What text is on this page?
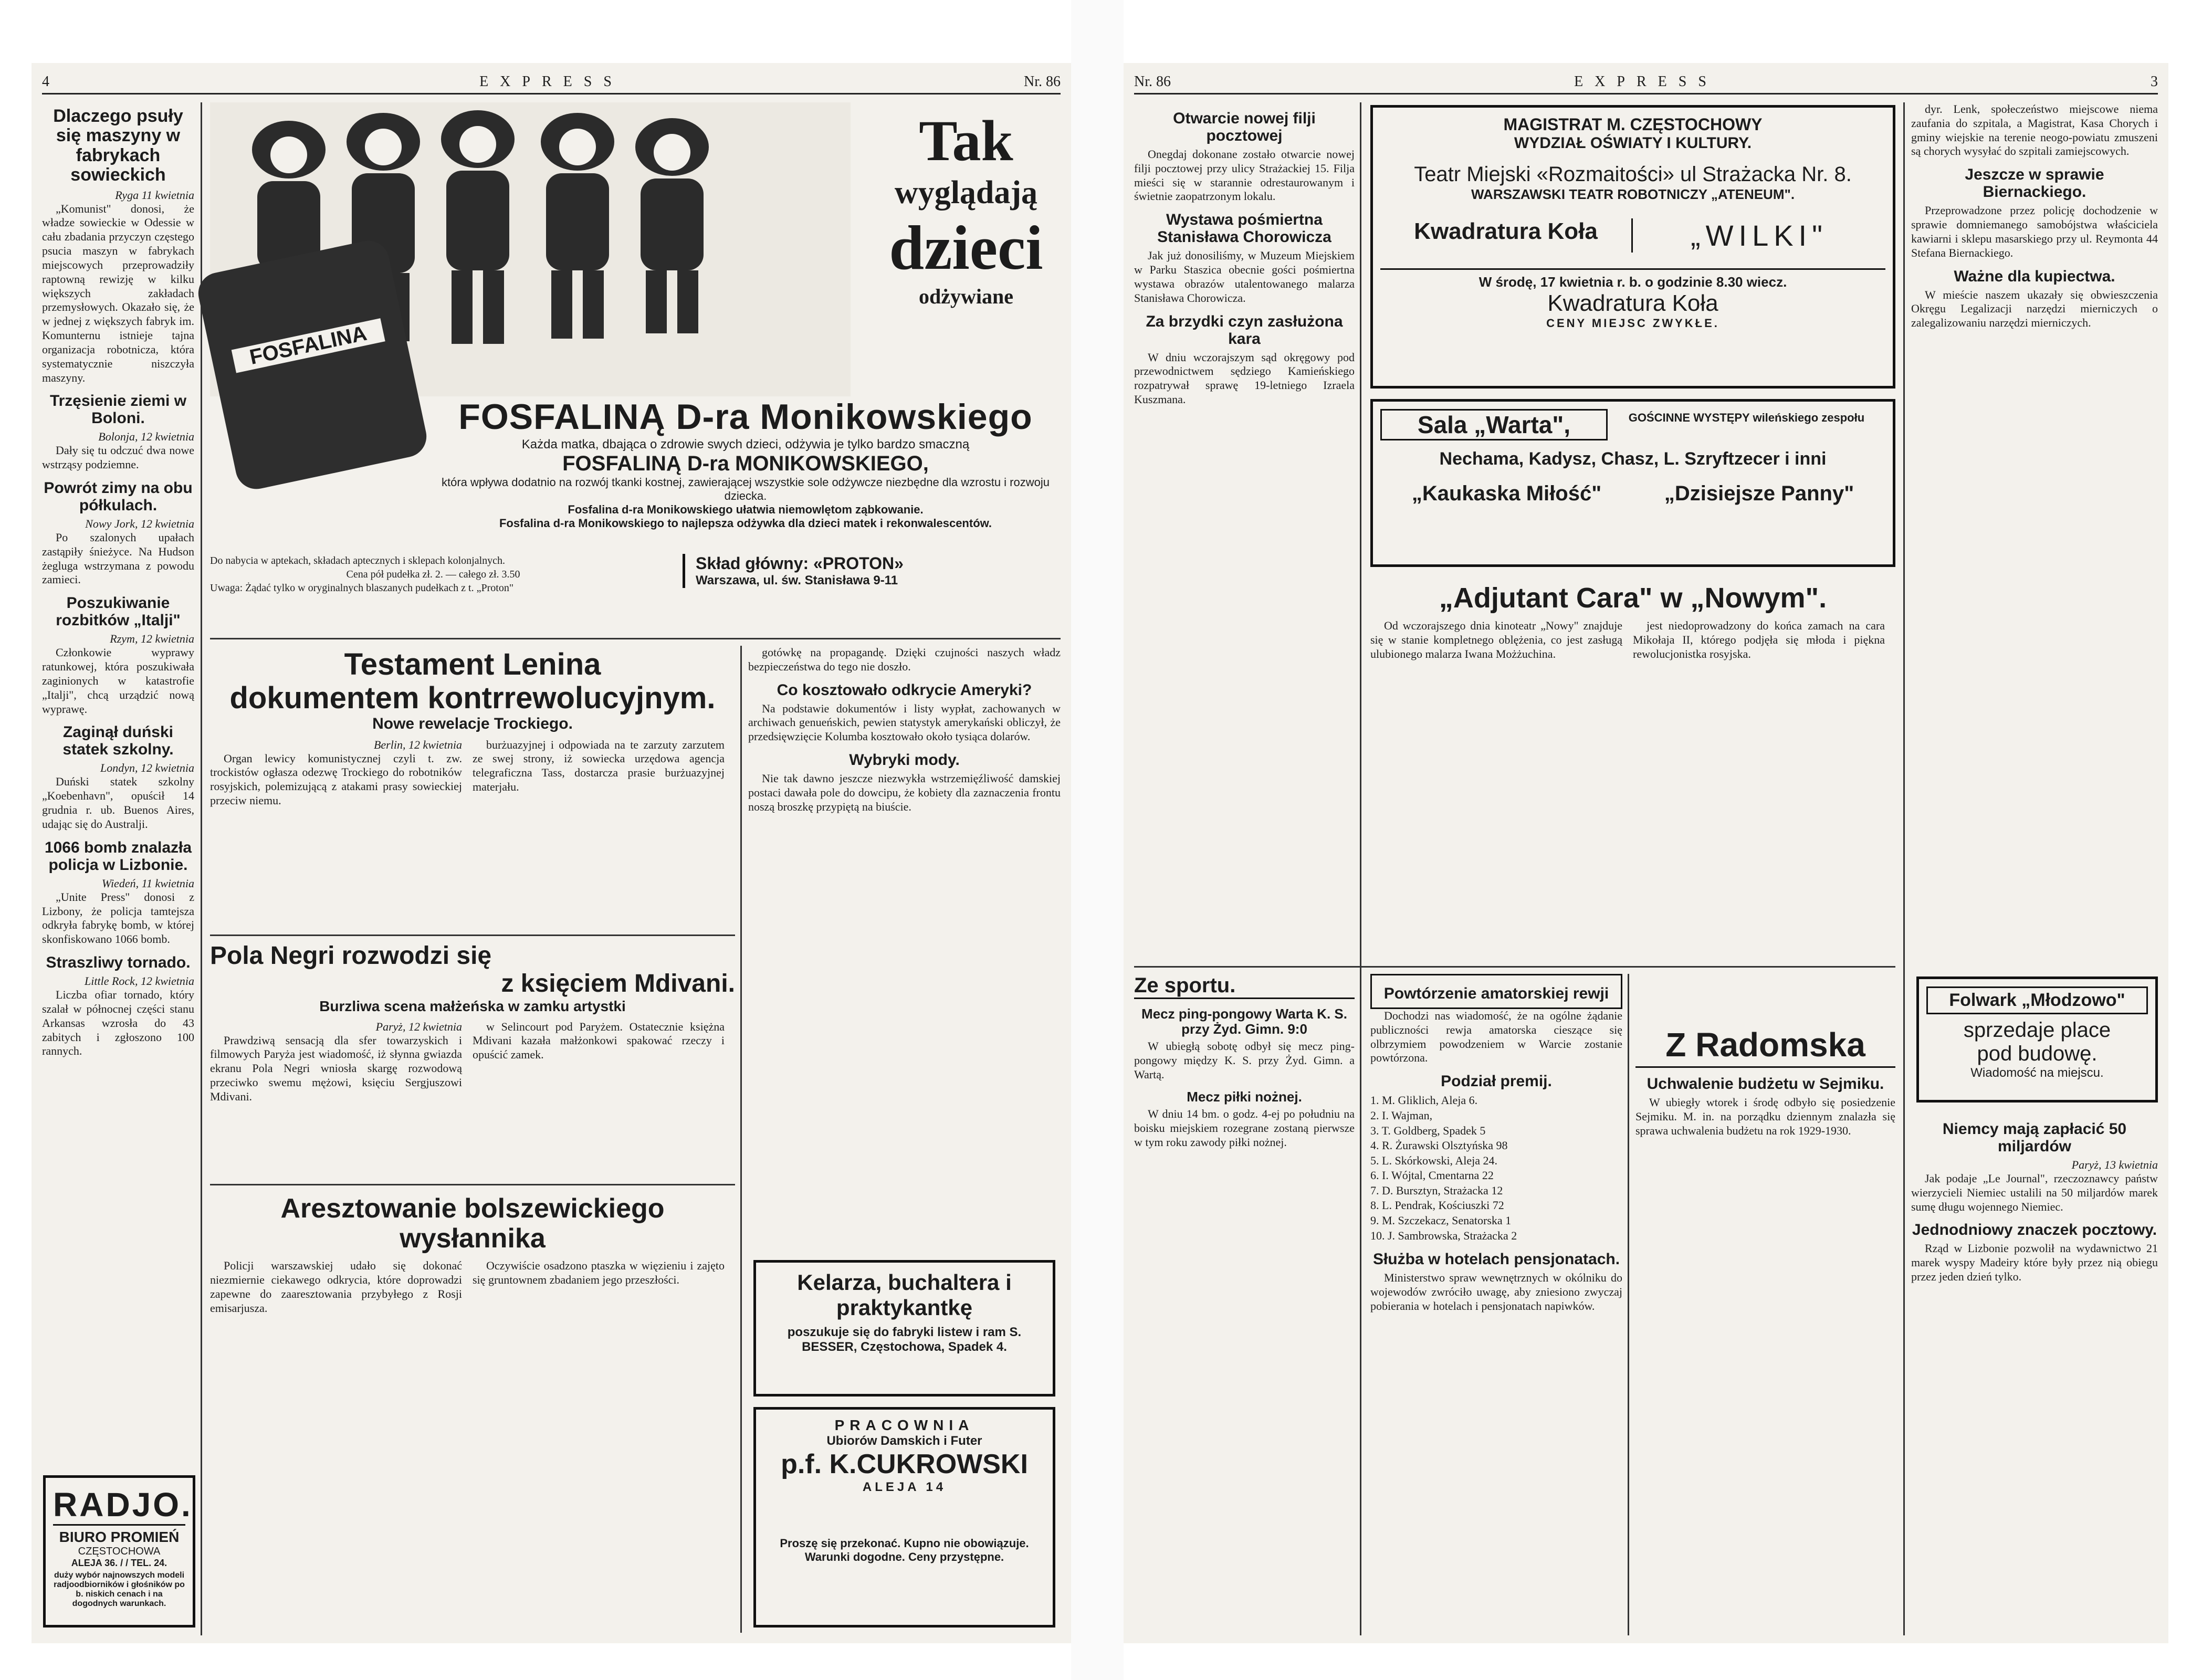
4	EXPRESS	Nr. 86
Dlaczego psuły się maszyny w fabrykach sowieckich
Ryga 11 kwietnia

„Komunist" donosi, że władze sowieckie w Odessie w cału zbadania przyczyn częstego psucia maszyn w fabrykach miejscowych przeprowadziły raptowną rewizję w kilku większych zakładach przemysłowych. Okazało się, że w jednej z większych fabryk im. Komunternu istnieje tajna organizacja robotnicza, która systematycznie niszczyła maszyny.

Trzęsienie ziemi w Boloni.
Bolonja, 12 kwietnia

Dały się tu odczuć dwa nowe wstrząsy podziemne.

Powrót zimy na obu półkulach.
Nowy Jork, 12 kwietnia

Po szalonych upałach zastąpiły śnieżyce. Na Hudson żegluga wstrzymana z powodu zamieci.

Poszukiwanie rozbitków „Italji"
Rzym, 12 kwietnia

Członkowie wyprawy ratunkowej, która poszukiwała zaginionych w katastrofie „Italji", chcą urządzić nową wyprawę.

Zaginął duński statek szkolny.
Londyn, 12 kwietnia

Duński statek szkolny „Koebenhavn", opuścił 14 grudnia r. ub. Buenos Aires, udając się do Australji.

1066 bomb znalazła policja w Lizbonie.
Wiedeń, 11 kwietnia

„Unite Press" donosi z Lizbony, że policja tamtejsza odkryła fabrykę bomb, w której skonfiskowano 1066 bomb.

Straszliwy tornado.
Little Rock, 12 kwietnia

Liczba ofiar tornado, który szalał w północnej części stanu Arkansas wzrosła do 43 zabitych i zgłoszono 100 rannych.

RADJO.
BIURO PROMIEŃ
CZĘSTOCHOWA
ALEJA 36. / / TEL. 24.
duży wybór najnowszych modeli radjoodbiorników i głośników po b. niskich cenach i na dogodnych warunkach.
FOSFALINA
Tak
wyglądają
dzieci
odżywiane
FOSFALINĄ D-ra Monikowskiego
Każda matka, dbająca o zdrowie swych dzieci, odżywia je tylko bardzo smaczną
FOSFALINĄ D-ra MONIKOWSKIEGO,
która wpływa dodatnio na rozwój tkanki kostnej, zawierającej wszystkie sole odżywcze niezbędne dla wzrostu i rozwoju dziecka.
Fosfalina d-ra Monikowskiego ułatwia niemowlętom ząbkowanie.
Fosfalina d-ra Monikowskiego to najlepsza odżywka dla dzieci matek i rekonwalescentów.
Do nabycia w aptekach, składach aptecznych i sklepach kolonjalnych.
Cena pół pudełka zł. 2. — całego zł. 3.50
Uwaga: Żądać tylko w oryginalnych blaszanych pudełkach z t. „Proton"
Skład główny: «PROTON»
Warszawa, ul. św. Stanisława 9-11
Testament Lenina
dokumentem kontrrewolucyjnym.
Nowe rewelacje Trockiego.
Berlin, 12 kwietnia

Organ lewicy komunistycznej czyli t. zw. trockistów ogłasza odezwę Trockiego do robotników rosyjskich, polemizującą z atakami prasy sowieckiej przeciw niemu.

burżuazyjnej i odpowiada na te zarzuty zarzutem ze swej strony, iż sowiecka urzędowa agencja telegraficzna Tass, dostarcza prasie burżuazyjnej materjału.

gotówkę na propagandę. Dzięki czujności naszych władz bezpieczeństwa do tego nie doszło.

Co kosztowało odkrycie Ameryki?

Na podstawie dokumentów i listy wypłat, zachowanych w archiwach genueńskich, pewien statystyk amerykański obliczył, że przedsięwzięcie Kolumba kosztowało około tysiąca dolarów.

Wybryki mody.

Nie tak dawno jeszcze niezwykła wstrzemięźliwość damskiej postaci dawała pole do dowcipu, że kobiety dla zaznaczenia frontu noszą broszkę przypiętą na biuście.

Pola Negri rozwodzi się
z księciem Mdivani.
Burzliwa scena małżeńska w zamku artystki
Paryż, 12 kwietnia

Prawdziwą sensacją dla sfer towarzyskich i filmowych Paryża jest wiadomość, iż słynna gwiazda ekranu Pola Negri wniosła skargę rozwodową przeciwko swemu mężowi, księciu Sergjuszowi Mdivani.

w Selincourt pod Paryżem. Ostatecznie księżna Mdivani kazała małżonkowi spakować rzeczy i opuścić zamek.

Aresztowanie bolszewickiego wysłannika

Policji warszawskiej udało się dokonać niezmiernie ciekawego odkrycia, które doprowadzi zapewne do zaaresztowania przybyłego z Rosji emisarjusza.

Oczywiście osadzono ptaszka w więzieniu i zajęto się gruntownem zbadaniem jego przeszłości.	Kelarza, buchaltera i praktykantkę
poszukuje się do fabryki listew i ram S. BESSER, Częstochowa, Spadek 4.
PRACOWNIA
Ubiorów Damskich i Futer
p.f. K.CUKROWSKI
ALEJA 14
Proszę się przekonać. Kupno nie obowiązuje. Warunki dogodne. Ceny przystępne.
Nr. 86	EXPRESS	3
Otwarcie nowej filji pocztowej

Onegdaj dokonane zostało otwarcie nowej filji pocztowej przy ulicy Strażackiej 15. Filja mieści się w starannie odrestaurowanym i świetnie zaopatrzonym lokalu.

Wystawa pośmiertna Stanisława Chorowicza

Jak już donosiliśmy, w Muzeum Miejskiem w Parku Staszica obecnie gości pośmiertna wystawa obrazów utalentowanego malarza Stanisława Chorowicza.

Za brzydki czyn zasłużona kara

W dniu wczorajszym sąd okręgowy pod przewodnictwem sędziego Kamieńskiego rozpatrywał sprawę 19-letniego Izraela Kuszmana.

MAGISTRAT M. CZĘSTOCHOWY
WYDZIAŁ OŚWIATY I KULTURY.
Teatr Miejski «Rozmaitości» ul Strażacka Nr. 8.
WARSZAWSKI TEATR ROBOTNICZY „ATENEUM".
Kwadratura Koła	„WILKI"
W środę, 17 kwietnia r. b. o godzinie 8.30 wiecz.
Kwadratura Koła
CENY MIEJSC ZWYKŁE.
Sala „Warta",	GOŚCINNE WYSTĘPY wileńskiego zespołu
Nechama, Kadysz, Chasz, L. Szryftzecer i inni
„Kaukaska Miłość"	„Dzisiejsze Panny"
„Adjutant Cara" w „Nowym".

Od wczorajszego dnia kinoteatr „Nowy" znajduje się w stanie kompletnego oblężenia, co jest zasługą ulubionego malarza Iwana Możżuchina.

jest niedoprowadzony do końca zamach na cara Mikołaja II, którego podjęła się młoda i piękna rewolucjonistka rosyjska.

Ze sportu.
Mecz ping-pongowy Warta K. S. przy Żyd. Gimn. 9:0

W ubiegłą sobotę odbył się mecz ping-pongowy między K. S. przy Żyd. Gimn. a Wartą.

Mecz piłki nożnej.

W dniu 14 bm. o godz. 4-ej po południu na boisku miejskiem rozegrane zostaną pierwsze w tym roku zawody piłki nożnej.

Powtórzenie amatorskiej rewji

Dochodzi nas wiadomość, że na ogólne żądanie publiczności rewja amatorska cieszące się olbrzymiem powodzeniem w Warcie zostanie powtórzona.

Podział premij.
1. M. Gliklich, Aleja 6.
2. I. Wajman,
3. T. Goldberg, Spadek 5
4. R. Żurawski Olsztyńska 98
5. L. Skórkowski, Aleja 24.
6. I. Wójtal, Cmentarna 22
7. D. Bursztyn, Strażacka 12
8. L. Pendrak, Kościuszki 72
9. M. Szczekacz, Senatorska 1
10. J. Sambrowska, Strażacka 2
Służba w hotelach pensjonatach.

Ministerstwo spraw wewnętrznych w okólniku do wojewodów zwróciło uwagę, aby zniesiono zwyczaj pobierania w hotelach i pensjonatach napiwków.

Z Radomska
Uchwalenie budżetu w Sejmiku.

W ubiegły wtorek i środę odbyło się posiedzenie Sejmiku. M. in. na porządku dziennym znalazła się sprawa uchwalenia budżetu na rok 1929-1930.

dyr. Lenk, społeczeństwo miejscowe niema zaufania do szpitala, a Magistrat, Kasa Chorych i gminy wiejskie na terenie neogo-powiatu zmuszeni są chorych wysyłać do szpitali zamiejscowych.

Jeszcze w sprawie Biernackiego.

Przeprowadzone przez policję dochodzenie w sprawie domniemanego samobójstwa właściciela kawiarni i sklepu masarskiego przy ul. Reymonta 44 Stefana Biernackiego.

Ważne dla kupiectwa.

W mieście naszem ukazały się obwieszczenia Okręgu Legalizacji narzędzi mierniczych o zalegalizowaniu narzędzi mierniczych.

Folwark „Młodzowo"
sprzedaje place
pod budowę.
Wiadomość na miejscu.
Niemcy mają zapłacić 50 miljardów
Paryż, 13 kwietnia

Jak podaje „Le Journal", rzeczoznawcy państw wierzycieli Niemiec ustalili na 50 miljardów marek sumę długu wojennego Niemiec.

Jednodniowy znaczek pocztowy.

Rząd w Lizbonie pozwolił na wydawnictwo 21 marek wyspy Madeiry które były przez nią obiegu przez jeden dzień tylko.
